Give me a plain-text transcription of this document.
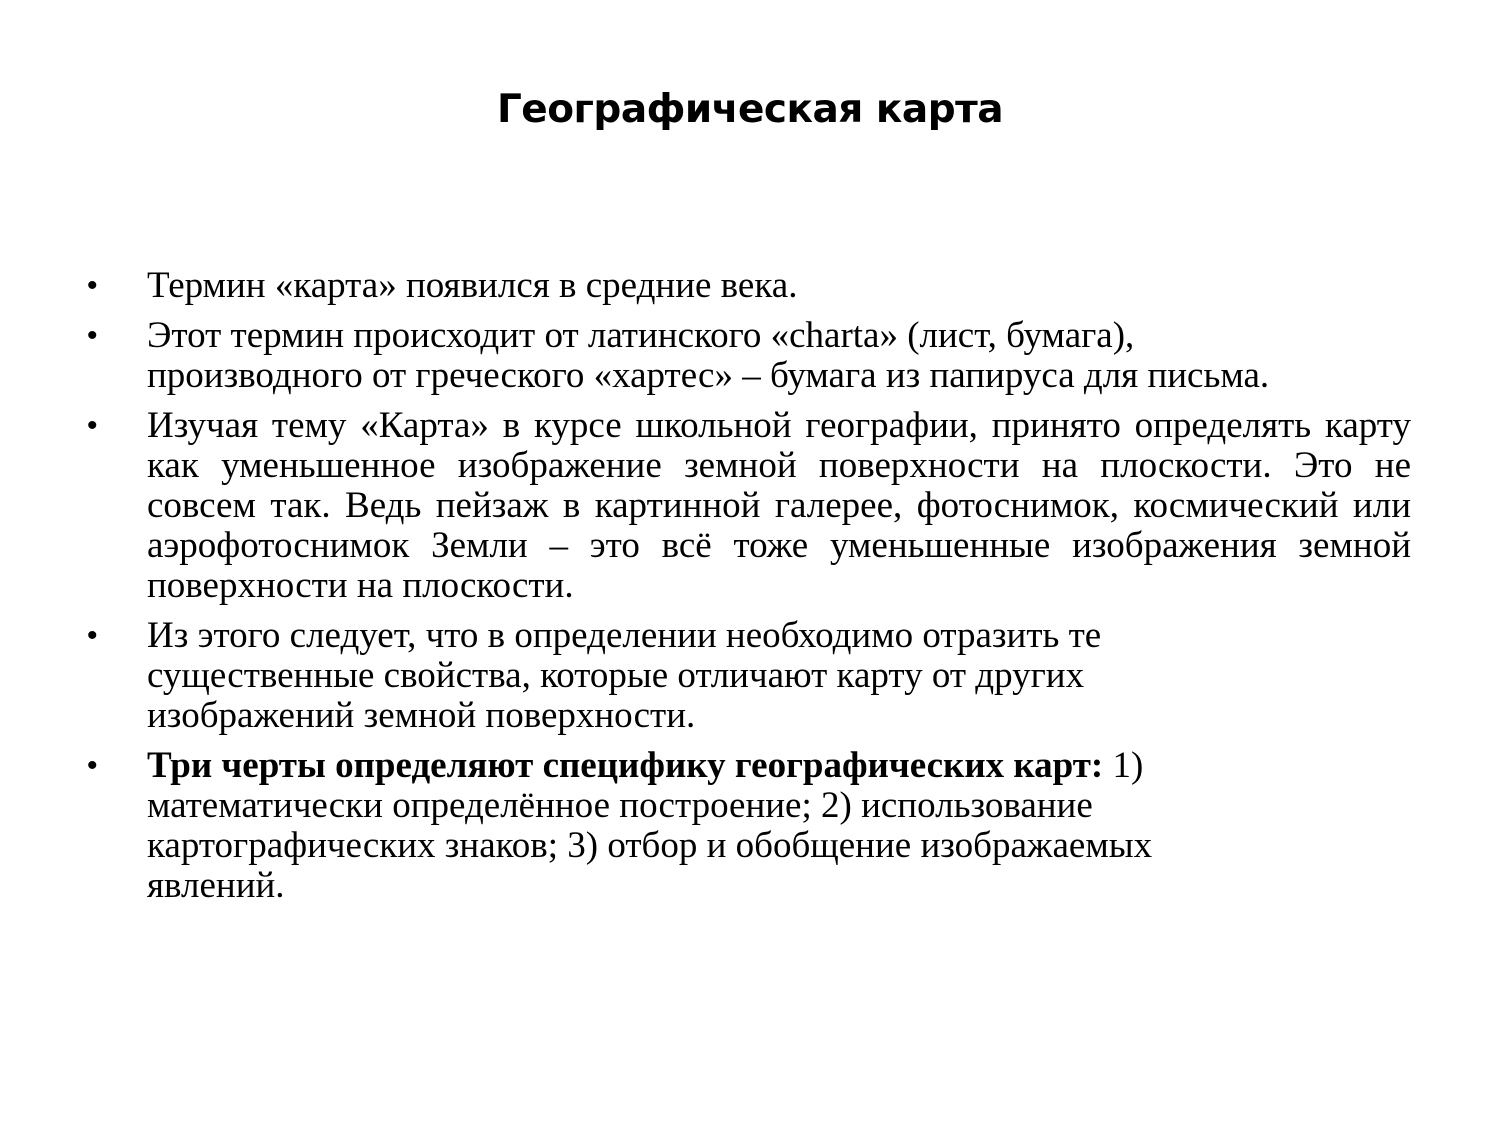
Географическая карта
• Термин «карта» появился в средние века.
• Этот термин происходит от латинского «charta» (лист, бумага), производного от греческого «хартес» – бумага из папируса для письма.
• Изучая тему «Карта» в курсе школьной географии, принято определять карту как уменьшенное изображение земной поверхности на плоскости. Это не совсем так. Ведь пейзаж в картинной галерее, фотоснимок, космический или аэрофотоснимок Земли – это всё тоже уменьшенные изображения земной поверхности на плоскости.
• Из этого следует, что в определении необходимо отразить те существенные свойства, которые отличают карту от других изображений земной поверхности.
• Три черты определяют специфику географических карт: 1) математически определённое построение; 2) использование картографических знаков; 3) отбор и обобщение изображаемых явлений.
